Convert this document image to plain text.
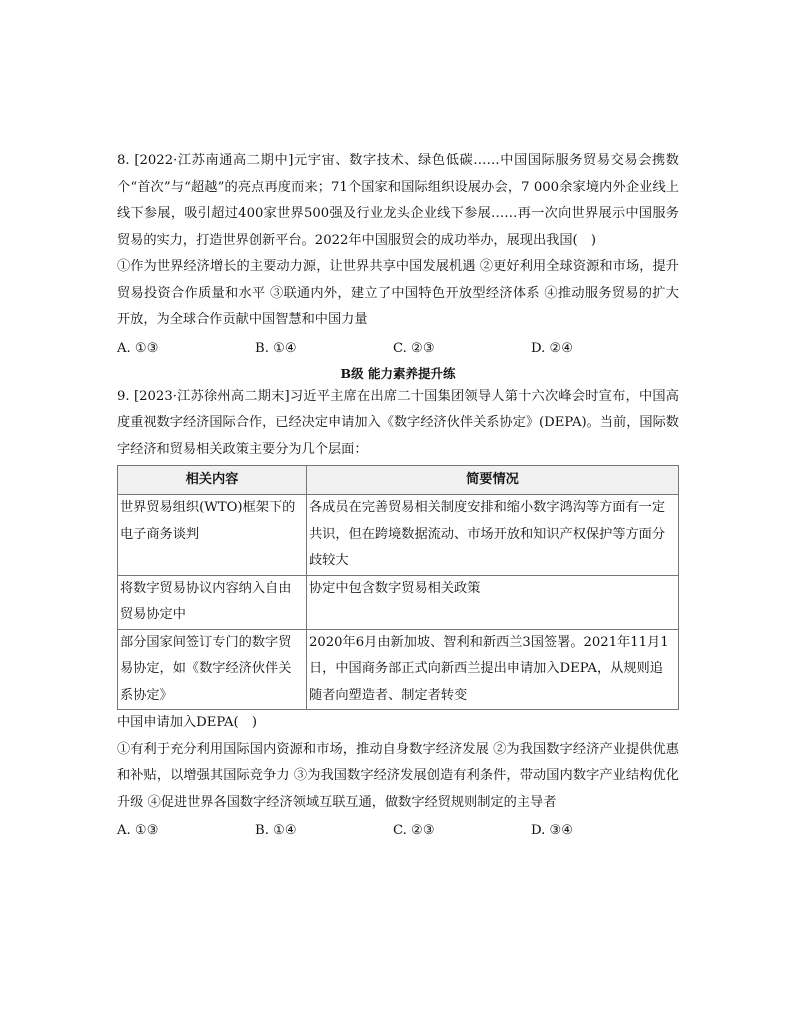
8. [2022·江苏南通高二期中]元宇宙、数字技术、绿色低碳……中国国际服务贸易交易会携数个“首次”与“超越”的亮点再度而来；71个国家和国际组织设展办会，7 000余家境内外企业线上线下参展，吸引超过400家世界500强及行业龙头企业线下参展……再一次向世界展示中国服务贸易的实力，打造世界创新平台。2022年中国服贸会的成功举办，展现出我国(　)

①作为世界经济增长的主要动力源，让世界共享中国发展机遇 ②更好利用全球资源和市场，提升贸易投资合作质量和水平 ③联通内外，建立了中国特色开放型经济体系 ④推动服务贸易的扩大开放，为全球合作贡献中国智慧和中国力量

A. ①③	B. ①④	C. ②③	D. ②④
B级 能力素养提升练

9. [2023·江苏徐州高二期末]习近平主席在出席二十国集团领导人第十六次峰会时宣布，中国高度重视数字经济国际合作，已经决定申请加入《数字经济伙伴关系协定》(DEPA)。当前，国际数字经济和贸易相关政策主要分为几个层面：

相关内容	简要情况
世界贸易组织(WTO)框架下的电子商务谈判	各成员在完善贸易相关制度安排和缩小数字鸿沟等方面有一定共识，但在跨境数据流动、市场开放和知识产权保护等方面分歧较大
将数字贸易协议内容纳入自由贸易协定中	协定中包含数字贸易相关政策
部分国家间签订专门的数字贸易协定，如《数字经济伙伴关系协定》	2020年6月由新加坡、智利和新西兰3国签署。2021年11月1日，中国商务部正式向新西兰提出申请加入DEPA，从规则追随者向塑造者、制定者转变

中国申请加入DEPA(　)

①有利于充分利用国际国内资源和市场，推动自身数字经济发展 ②为我国数字经济产业提供优惠和补贴，以增强其国际竞争力 ③为我国数字经济发展创造有利条件，带动国内数字产业结构优化升级 ④促进世界各国数字经济领域互联互通，做数字经贸规则制定的主导者

A. ①③	B. ①④	C. ②③	D. ③④
